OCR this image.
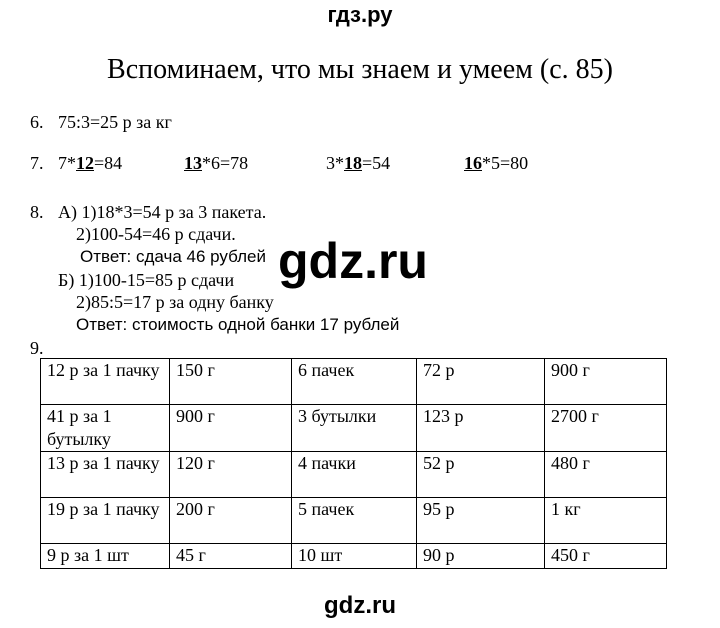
гдз.ру
Вспоминаем, что мы знаем и умеем (с. 85)
6. 75:3=25 р за кг
7. 7*12=84	13*6=78	3*18=54	16*5=80
8. А) 1)18*3=54 р за 3 пакета.
2)100-54=46 р сдачи.
Ответ: сдача 46 рублей
Б) 1)100-15=85 р сдачи
2)85:5=17 р за одну банку
Ответ: стоимость одной банки 17 рублей
gdz.ru
9.
12 р за 1 пачку	150 г	6 пачек	72 р	900 г
41 р за 1 бутылку	900 г	3 бутылки	123 р	2700 г
13 р за 1 пачку	120 г	4 пачки	52 р	480 г
19 р за 1 пачку	200 г	5 пачек	95 р	1 кг
9 р за 1 шт	45 г	10 шт	90 р	450 г
gdz.ru
